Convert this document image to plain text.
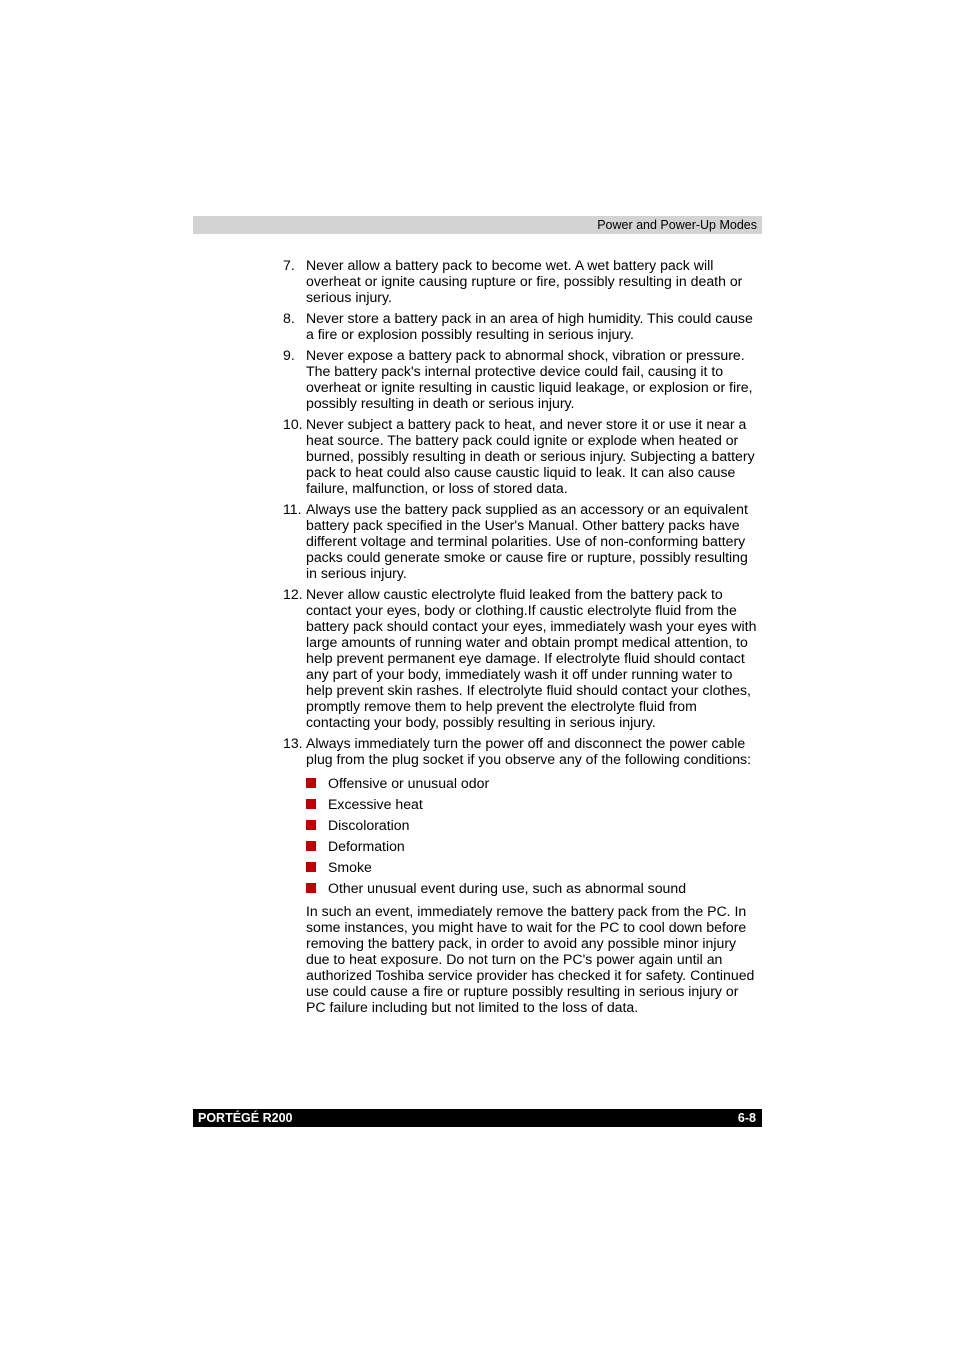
Power and Power-Up Modes
7. Never allow a battery pack to become wet. A wet battery pack will overheat or ignite causing rupture or fire, possibly resulting in death or serious injury.
8. Never store a battery pack in an area of high humidity. This could cause a fire or explosion possibly resulting in serious injury.
9. Never expose a battery pack to abnormal shock, vibration or pressure. The battery pack's internal protective device could fail, causing it to overheat or ignite resulting in caustic liquid leakage, or explosion or fire, possibly resulting in death or serious injury.
10. Never subject a battery pack to heat, and never store it or use it near a heat source. The battery pack could ignite or explode when heated or burned, possibly resulting in death or serious injury. Subjecting a battery pack to heat could also cause caustic liquid to leak. It can also cause failure, malfunction, or loss of stored data.
11. Always use the battery pack supplied as an accessory or an equivalent battery pack specified in the User's Manual. Other battery packs have different voltage and terminal polarities. Use of non-conforming battery packs could generate smoke or cause fire or rupture, possibly resulting in serious injury.
12. Never allow caustic electrolyte fluid leaked from the battery pack to contact your eyes, body or clothing.If caustic electrolyte fluid from the battery pack should contact your eyes, immediately wash your eyes with large amounts of running water and obtain prompt medical attention, to help prevent permanent eye damage. If electrolyte fluid should contact any part of your body, immediately wash it off under running water to help prevent skin rashes. If electrolyte fluid should contact your clothes, promptly remove them to help prevent the electrolyte fluid from contacting your body, possibly resulting in serious injury.
13. Always immediately turn the power off and disconnect the power cable plug from the plug socket if you observe any of the following conditions:
Offensive or unusual odor
Excessive heat
Discoloration
Deformation
Smoke
Other unusual event during use, such as abnormal sound

In such an event, immediately remove the battery pack from the PC. In some instances, you might have to wait for the PC to cool down before removing the battery pack, in order to avoid any possible minor injury due to heat exposure. Do not turn on the PC's power again until an authorized Toshiba service provider has checked it for safety. Continued use could cause a fire or rupture possibly resulting in serious injury or PC failure including but not limited to the loss of data.

PORTÉGÉ R200	6-8
